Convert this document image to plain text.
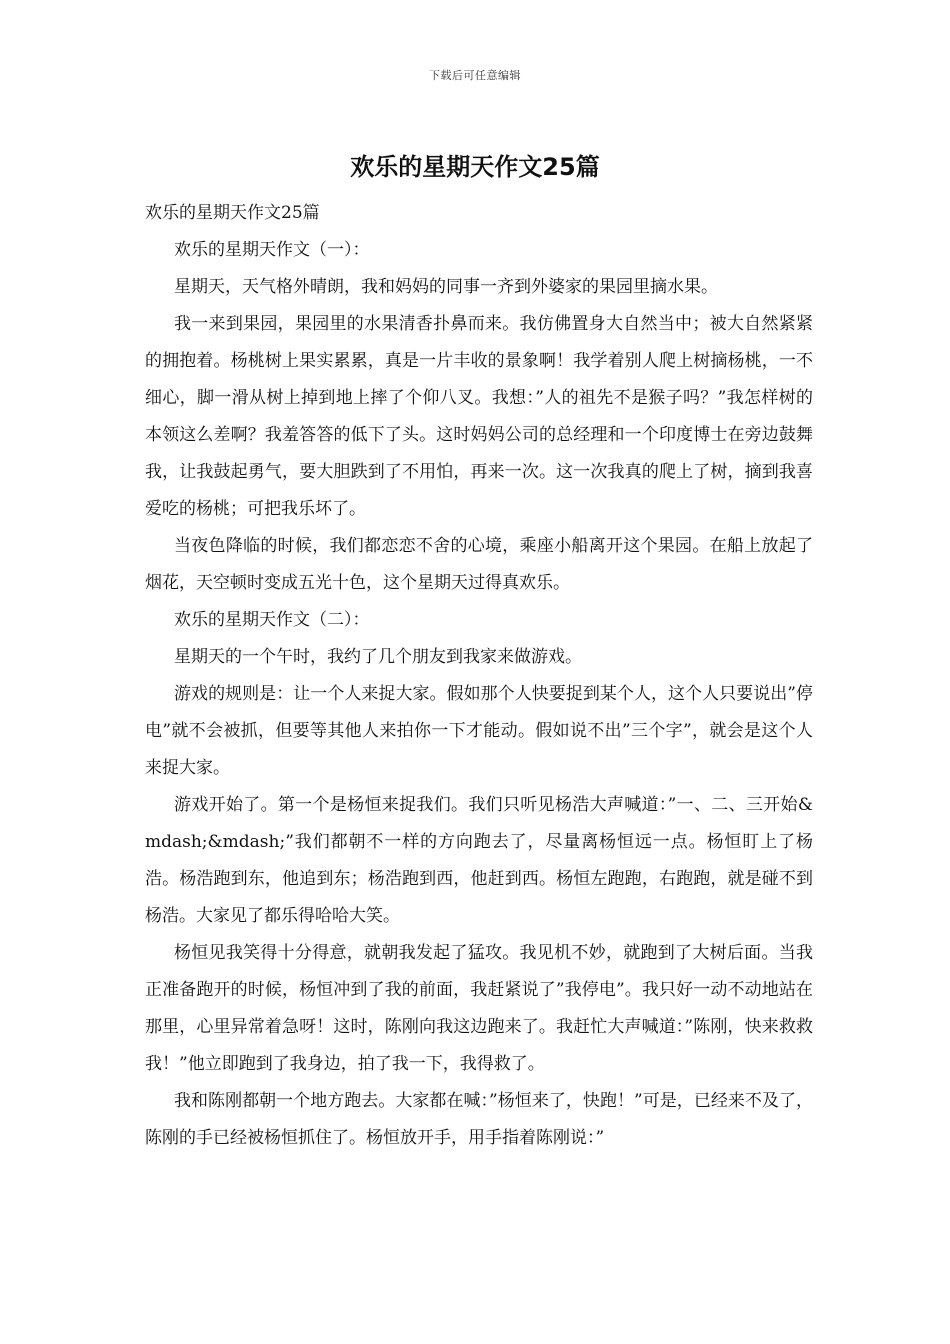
下载后可任意编辑
欢乐的星期天作文25篇

欢乐的星期天作文25篇

欢乐的星期天作文（一）：

星期天，天气格外晴朗，我和妈妈的同事一齐到外婆家的果园里摘水果。

我一来到果园，果园里的水果清香扑鼻而来。我仿佛置身大自然当中；被大自然紧紧的拥抱着。杨桃树上果实累累，真是一片丰收的景象啊！我学着别人爬上树摘杨桃，一不细心，脚一滑从树上掉到地上摔了个仰八叉。我想：”人的祖先不是猴子吗？”我怎样树的本领这么差啊？我羞答答的低下了头。这时妈妈公司的总经理和一个印度博士在旁边鼓舞我，让我鼓起勇气，要大胆跌到了不用怕，再来一次。这一次我真的爬上了树，摘到我喜爱吃的杨桃；可把我乐坏了。

当夜色降临的时候，我们都恋恋不舍的心境，乘座小船离开这个果园。在船上放起了烟花，天空顿时变成五光十色，这个星期天过得真欢乐。

欢乐的星期天作文（二）：

星期天的一个午时，我约了几个朋友到我家来做游戏。

游戏的规则是：让一个人来捉大家。假如那个人快要捉到某个人，这个人只要说出”停电”就不会被抓，但要等其他人来拍你一下才能动。假如说不出”三个字”，就会是这个人来捉大家。

游戏开始了。第一个是杨恒来捉我们。我们只听见杨浩大声喊道：”一、二、三开始&mdash;&mdash;”我们都朝不一样的方向跑去了，尽量离杨恒远一点。杨恒盯上了杨浩。杨浩跑到东，他追到东；杨浩跑到西，他赶到西。杨恒左跑跑，右跑跑，就是碰不到杨浩。大家见了都乐得哈哈大笑。

杨恒见我笑得十分得意，就朝我发起了猛攻。我见机不妙，就跑到了大树后面。当我正准备跑开的时候，杨恒冲到了我的前面，我赶紧说了”我停电”。我只好一动不动地站在那里，心里异常着急呀！这时，陈刚向我这边跑来了。我赶忙大声喊道：”陈刚，快来救救我！”他立即跑到了我身边，拍了我一下，我得救了。

我和陈刚都朝一个地方跑去。大家都在喊：”杨恒来了，快跑！”可是，已经来不及了，陈刚的手已经被杨恒抓住了。杨恒放开手，用手指着陈刚说：”
